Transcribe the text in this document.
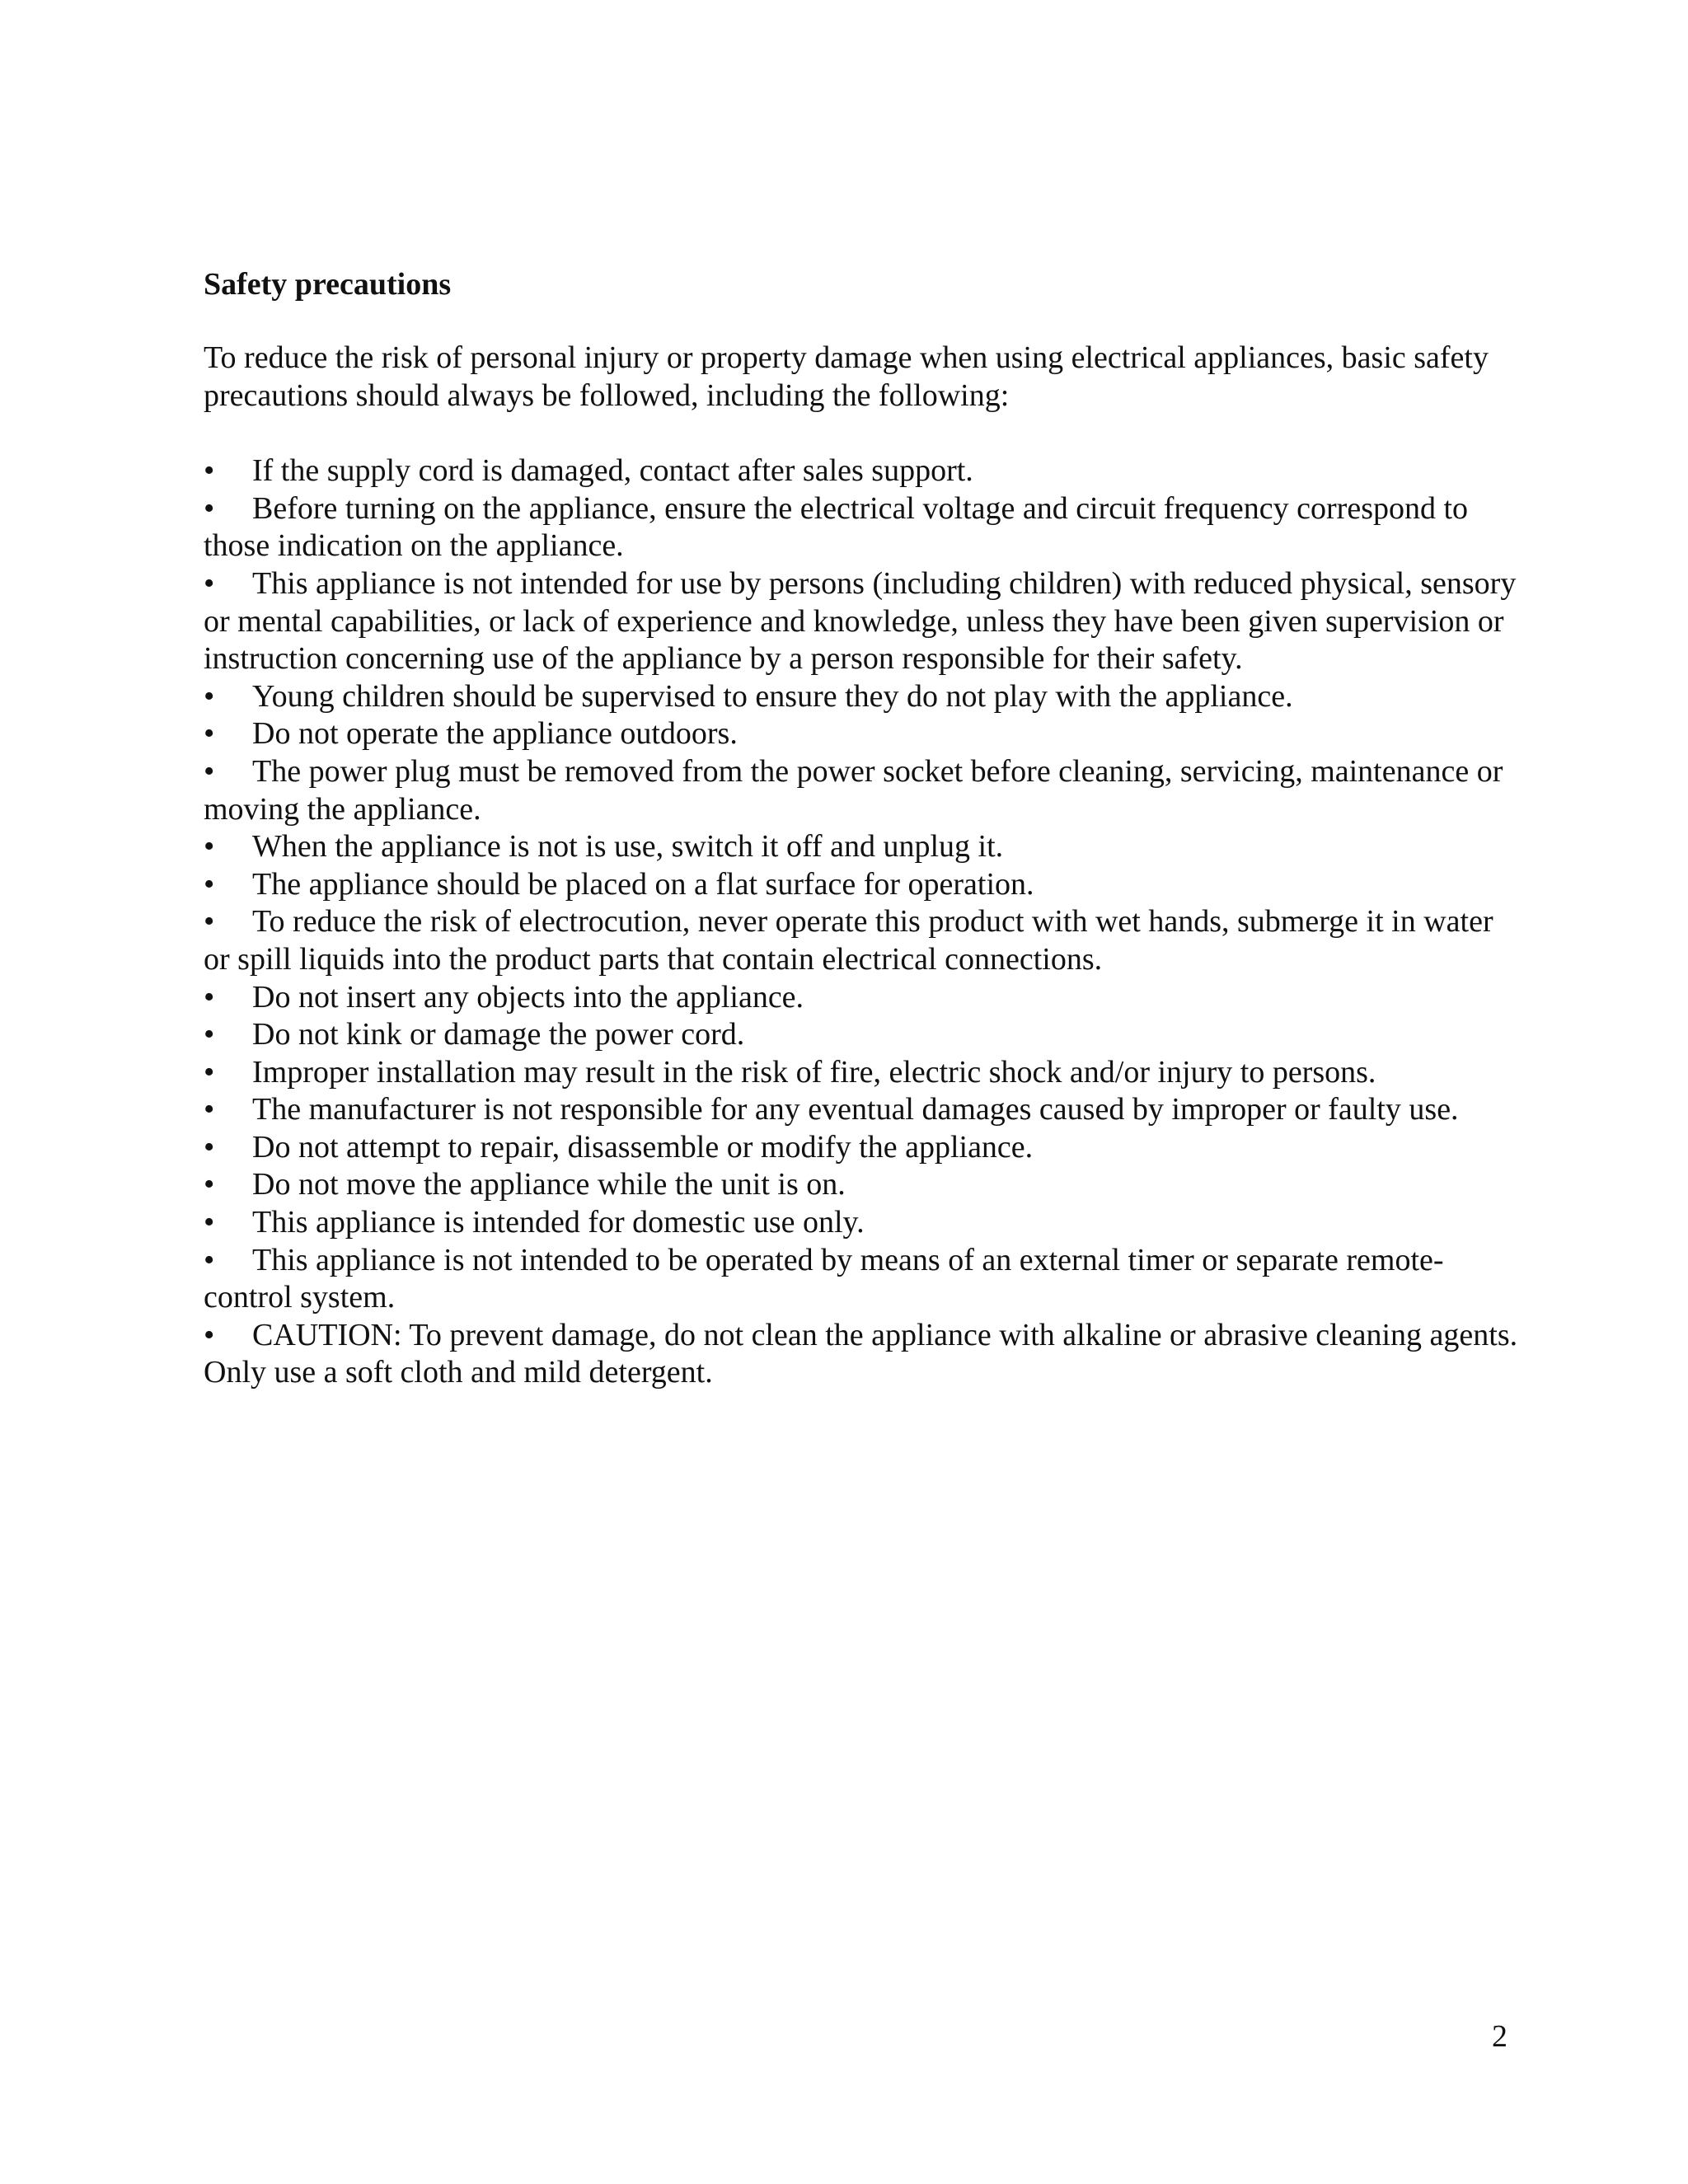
Safety precautions

To reduce the risk of personal injury or property damage when using electrical appliances, basic safety precautions should always be followed, including the following:

• If the supply cord is damaged, contact after sales support.
• Before turning on the appliance, ensure the electrical voltage and circuit frequency correspond to those indication on the appliance.
• This appliance is not intended for use by persons (including children) with reduced physical, sensory or mental capabilities, or lack of experience and knowledge, unless they have been given supervision or instruction concerning use of the appliance by a person responsible for their safety.
• Young children should be supervised to ensure they do not play with the appliance.
• Do not operate the appliance outdoors.
• The power plug must be removed from the power socket before cleaning, servicing, maintenance or moving the appliance.
• When the appliance is not is use, switch it off and unplug it.
• The appliance should be placed on a flat surface for operation.
• To reduce the risk of electrocution, never operate this product with wet hands, submerge it in water or spill liquids into the product parts that contain electrical connections.
• Do not insert any objects into the appliance.
• Do not kink or damage the power cord.
• Improper installation may result in the risk of fire, electric shock and/or injury to persons.
• The manufacturer is not responsible for any eventual damages caused by improper or faulty use.
• Do not attempt to repair, disassemble or modify the appliance.
• Do not move the appliance while the unit is on.
• This appliance is intended for domestic use only.
• This appliance is not intended to be operated by means of an external timer or separate remote-control system.
• CAUTION: To prevent damage, do not clean the appliance with alkaline or abrasive cleaning agents. Only use a soft cloth and mild detergent.
2
